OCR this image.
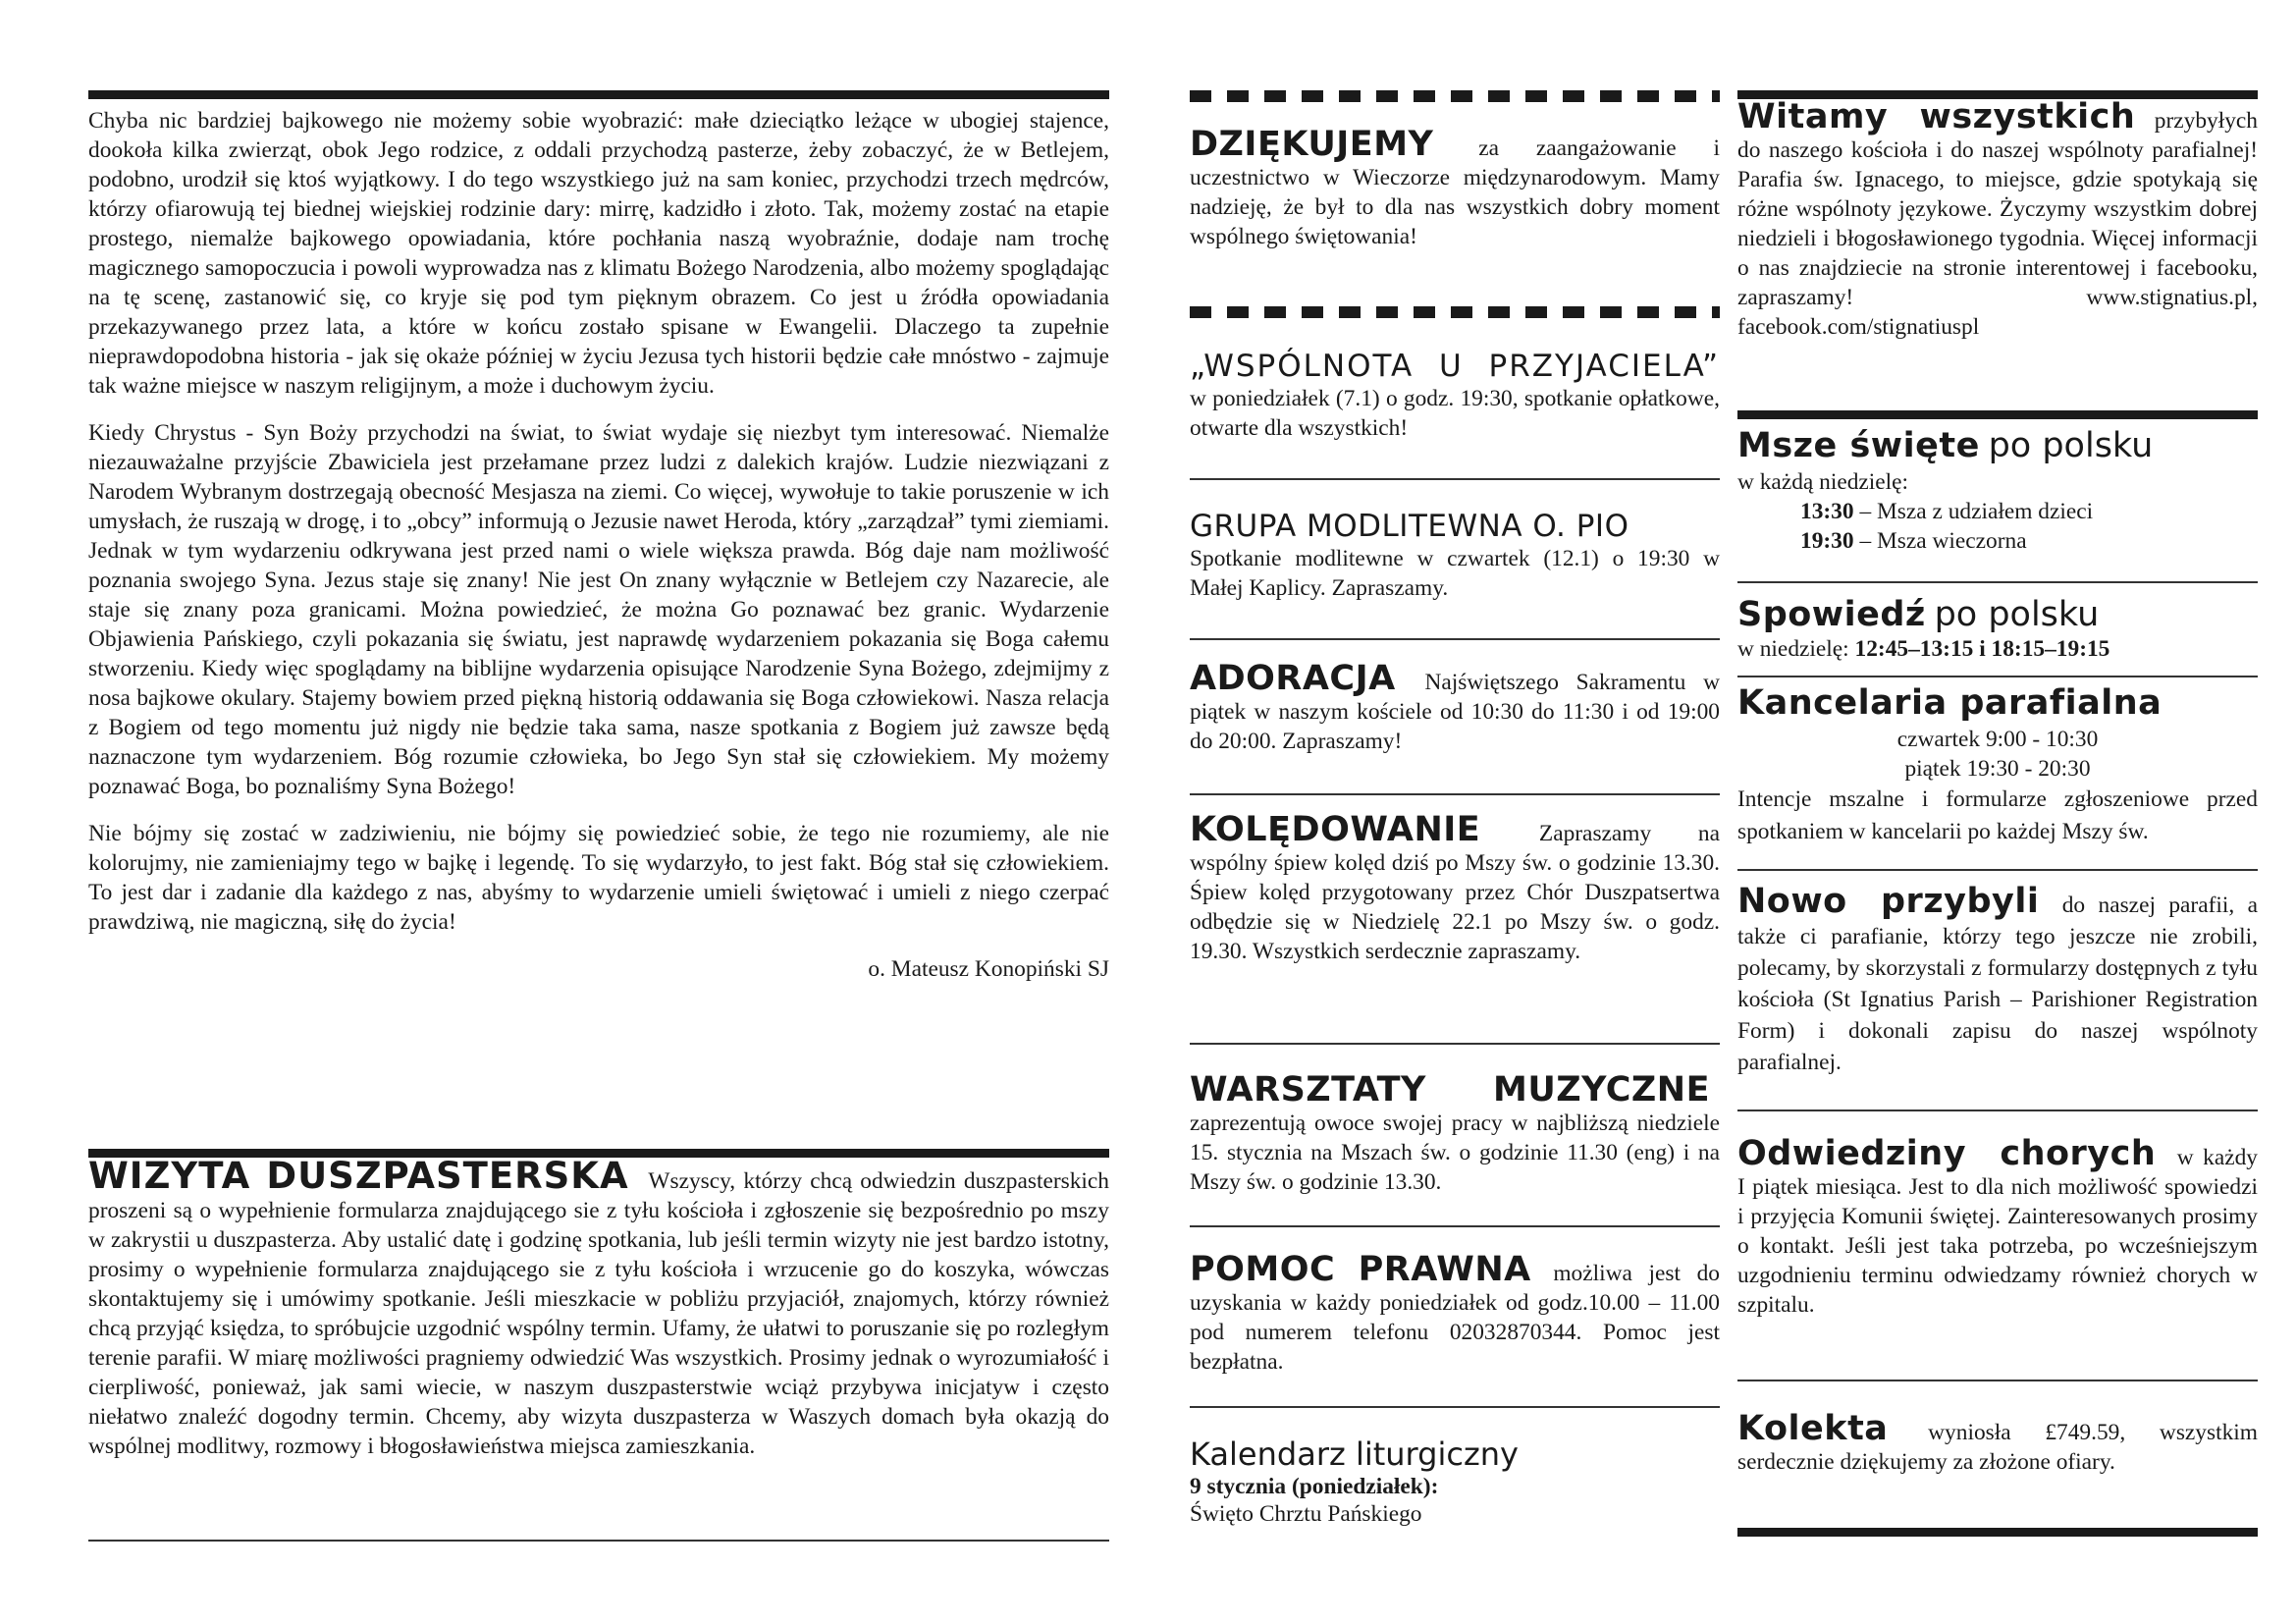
Chyba nic bardziej bajkowego nie możemy sobie wyobrazić: małe dzieciątko leżące w ubogiej stajence, dookoła kilka zwierząt, obok Jego rodzice, z oddali przychodzą pasterze, żeby zobaczyć, że w Betlejem, podobno, urodził się ktoś wyjątkowy. I do tego wszystkiego już na sam koniec, przychodzi trzech mędrców, którzy ofiarowują tej biednej wiejskiej rodzinie dary: mirrę, kadzidło i złoto. Tak, możemy zostać na etapie prostego, niemalże bajkowego opowiadania, które pochłania naszą wyobraźnie, dodaje nam trochę magicznego samopoczucia i powoli wyprowadza nas z klimatu Bożego Narodzenia, albo możemy spoglądając na tę scenę, zastanowić się, co kryje się pod tym pięknym obrazem. Co jest u źródła opowiadania przekazywanego przez lata, a które w końcu zostało spisane w Ewangelii. Dlaczego ta zupełnie nieprawdopodobna historia - jak się okaże później w życiu Jezusa tych historii będzie całe mnóstwo - zajmuje tak ważne miejsce w naszym religijnym, a może i duchowym życiu.

Kiedy Chrystus - Syn Boży przychodzi na świat, to świat wydaje się niezbyt tym interesować. Niemalże niezauważalne przyjście Zbawiciela jest przełamane przez ludzi z dalekich krajów. Ludzie niezwiązani z Narodem Wybranym dostrzegają obecność Mesjasza na ziemi. Co więcej, wywołuje to takie poruszenie w ich umysłach, że ruszają w drogę, i to „obcy” informują o Jezusie nawet Heroda, który „zarządzał” tymi ziemiami. Jednak w tym wydarzeniu odkrywana jest przed nami o wiele większa prawda. Bóg daje nam możliwość poznania swojego Syna. Jezus staje się znany! Nie jest On znany wyłącznie w Betlejem czy Nazarecie, ale staje się znany poza granicami. Można powiedzieć, że można Go poznawać bez granic. Wydarzenie Objawienia Pańskiego, czyli pokazania się światu, jest naprawdę wydarzeniem pokazania się Boga całemu stworzeniu. Kiedy więc spoglądamy na biblijne wydarzenia opisujące Narodzenie Syna Bożego, zdejmijmy z nosa bajkowe okulary. Stajemy bowiem przed piękną historią oddawania się Boga człowiekowi. Nasza relacja z Bogiem od tego momentu już nigdy nie będzie taka sama, nasze spotkania z Bogiem już zawsze będą naznaczone tym wydarzeniem. Bóg rozumie człowieka, bo Jego Syn stał się człowiekiem. My możemy poznawać Boga, bo poznaliśmy Syna Bożego!

Nie bójmy się zostać w zadziwieniu, nie bójmy się powiedzieć sobie, że tego nie rozumiemy, ale nie kolorujmy, nie zamieniajmy tego w bajkę i legendę. To się wydarzyło, to jest fakt. Bóg stał się człowiekiem. To jest dar i zadanie dla każdego z nas, abyśmy to wydarzenie umieli świętować i umieli z niego czerpać prawdziwą, nie magiczną, siłę do życia!

o. Mateusz Konopiński SJ

WIZYTA DUSZPASTERSKA Wszyscy, którzy chcą odwiedzin duszpasterskich proszeni są o wypełnienie formularza znajdującego sie z tyłu kościoła i zgłoszenie się bezpośrednio po mszy w zakrystii u duszpasterza. Aby ustalić datę i godzinę spotkania, lub jeśli termin wizyty nie jest bardzo istotny, prosimy o wypełnienie formularza znajdującego sie z tyłu kościoła i wrzucenie go do koszyka, wówczas skontaktujemy się i umówimy spotkanie. Jeśli mieszkacie w pobliżu przyjaciół, znajomych, którzy również chcą przyjąć księdza, to spróbujcie uzgodnić wspólny termin. Ufamy, że ułatwi to poruszanie się po rozległym terenie parafii. W miarę możliwości pragniemy odwiedzić Was wszystkich. Prosimy jednak o wyrozumiałość i cierpliwość, ponieważ, jak sami wiecie, w naszym duszpasterstwie wciąż przybywa inicjatyw i często niełatwo znaleźć dogodny termin. Chcemy, aby wizyta duszpasterza w Waszych domach była okazją do wspólnej modlitwy, rozmowy i błogosławieństwa miejsca zamieszkania.

DZIĘKUJEMY za zaangażowanie i uczestnictwo w Wieczorze międzynarodowym. Mamy nadzieję, że był to dla nas wszystkich dobry moment wspólnego świętowania!

„WSPÓLNOTA U PRZYJACIELA”

w poniedziałek (7.1) o godz. 19:30, spotkanie opłatkowe, otwarte dla wszystkich!

GRUPA MODLITEWNA O. PIO

Spotkanie modlitewne w czwartek (12.1) o 19:30 w Małej Kaplicy. Zapraszamy.

ADORACJA Najświętszego Sakramentu w piątek w naszym kościele od 10:30 do 11:30 i od 19:00 do 20:00. Zapraszamy!

KOLĘDOWANIE	Zapraszamy na wspólny śpiew kolęd dziś po Mszy św. o godzinie 13.30. Śpiew kolęd przygotowany przez Chór Duszpatsertwa odbędzie się w Niedzielę 22.1 po Mszy św. o godz. 19.30. Wszystkich serdecznie zapraszamy.

WARSZTATY MUZYCZNE zaprezentują owoce swojej pracy w najbliższą niedziele 15. stycznia na Mszach św. o godzinie 11.30 (eng) i na Mszy św. o godzinie 13.30.

POMOC PRAWNA możliwa jest do uzyskania w każdy poniedziałek od godz.10.00 – 11.00 pod numerem telefonu 02032870344. Pomoc jest bezpłatna.

Kalendarz liturgiczny
9 stycznia (poniedziałek):
Święto Chrztu Pańskiego

Witamy wszystkich przybyłych do naszego kościoła i do naszej wspólnoty parafialnej! Parafia św. Ignacego, to miejsce, gdzie spotykają się różne wspólnoty językowe. Życzymy wszystkim dobrej niedzieli i błogosławionego tygodnia. Więcej informacji o nas znajdziecie na stronie interentowej i facebooku, zapraszamy! www.stignatius.pl, facebook.com/stignatiuspl

Msze święte po polsku
w każdą niedzielę:
13:30 – Msza z udziałem dzieci
19:30 – Msza wieczorna
Spowiedź po polsku
w niedzielę: 12:45–13:15 i 18:15–19:15
Kancelaria parafialna
czwartek 9:00 - 10:30
piątek 19:30 - 20:30

Intencje mszalne i formularze zgłoszeniowe przed spotkaniem w kancelarii po każdej Mszy św.

Nowo przybyli do naszej parafii, a także ci parafianie, którzy tego jeszcze nie zrobili, polecamy, by skorzystali z formularzy dostępnych z tyłu kościoła (St Ignatius Parish – Parishioner Registration Form) i dokonali zapisu do naszej wspólnoty parafialnej.

Odwiedziny chorych w każdy I piątek miesiąca. Jest to dla nich możliwość spowiedzi i przyjęcia Komunii świętej. Zainteresowanych prosimy o kontakt. Jeśli jest taka potrzeba, po wcześniejszym uzgodnieniu terminu odwiedzamy również chorych w szpitalu.

Kolekta wyniosła £749.59, wszystkim serdecznie dziękujemy za złożone ofiary.
